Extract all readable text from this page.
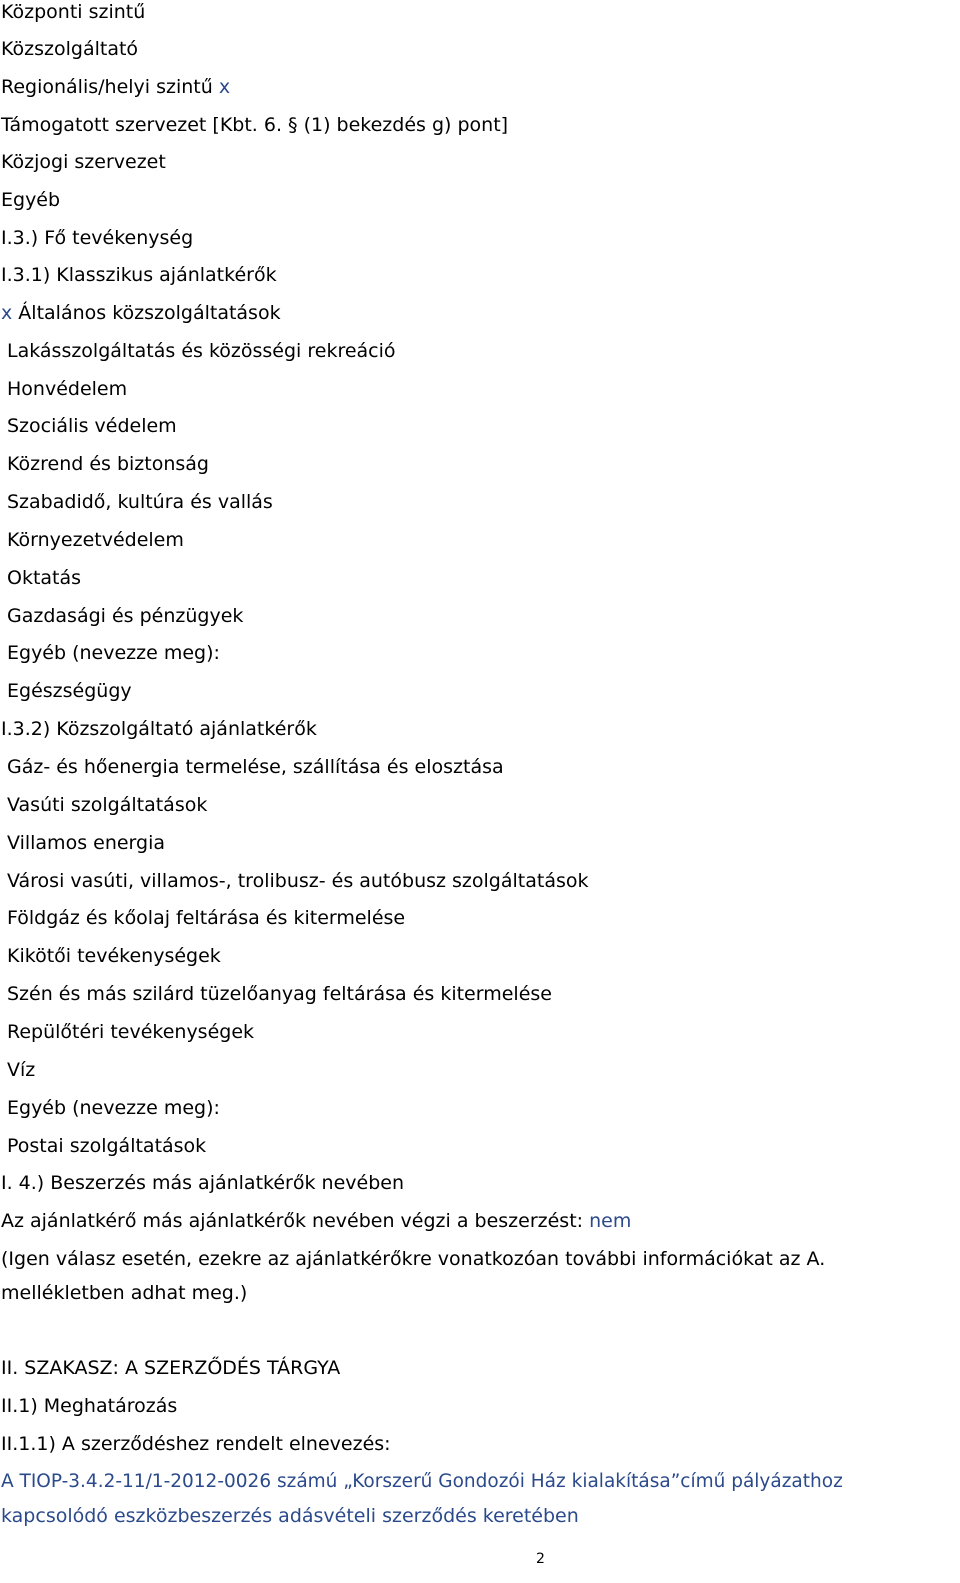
Központi szintű
Közszolgáltató
Regionális/helyi szintű x
Támogatott szervezet [Kbt. 6. § (1) bekezdés g) pont]
Közjogi szervezet
Egyéb
I.3.) Fő tevékenység
I.3.1) Klasszikus ajánlatkérők
x Általános közszolgáltatások
Lakásszolgáltatás és közösségi rekreáció
Honvédelem
Szociális védelem
Közrend és biztonság
Szabadidő, kultúra és vallás
Környezetvédelem
Oktatás
Gazdasági és pénzügyek
Egyéb (nevezze meg):
Egészségügy
I.3.2) Közszolgáltató ajánlatkérők
Gáz- és hőenergia termelése, szállítása és elosztása
Vasúti szolgáltatások
Villamos energia
Városi vasúti, villamos-, trolibusz- és autóbusz szolgáltatások
Földgáz és kőolaj feltárása és kitermelése
Kikötői tevékenységek
Szén és más szilárd tüzelőanyag feltárása és kitermelése
Repülőtéri tevékenységek
Víz
Egyéb (nevezze meg):
Postai szolgáltatások
I. 4.) Beszerzés más ajánlatkérők nevében
Az ajánlatkérő más ajánlatkérők nevében végzi a beszerzést: nem
(Igen válasz esetén, ezekre az ajánlatkérőkre vonatkozóan további információkat az A.
mellékletben adhat meg.)
II. SZAKASZ: A SZERZŐDÉS TÁRGYA
II.1) Meghatározás
II.1.1) A szerződéshez rendelt elnevezés:
A TIOP-3.4.2-11/1-2012-0026 számú „Korszerű Gondozói Ház kialakítása”című pályázathoz
kapcsolódó eszközbeszerzés adásvételi szerződés keretében
2
